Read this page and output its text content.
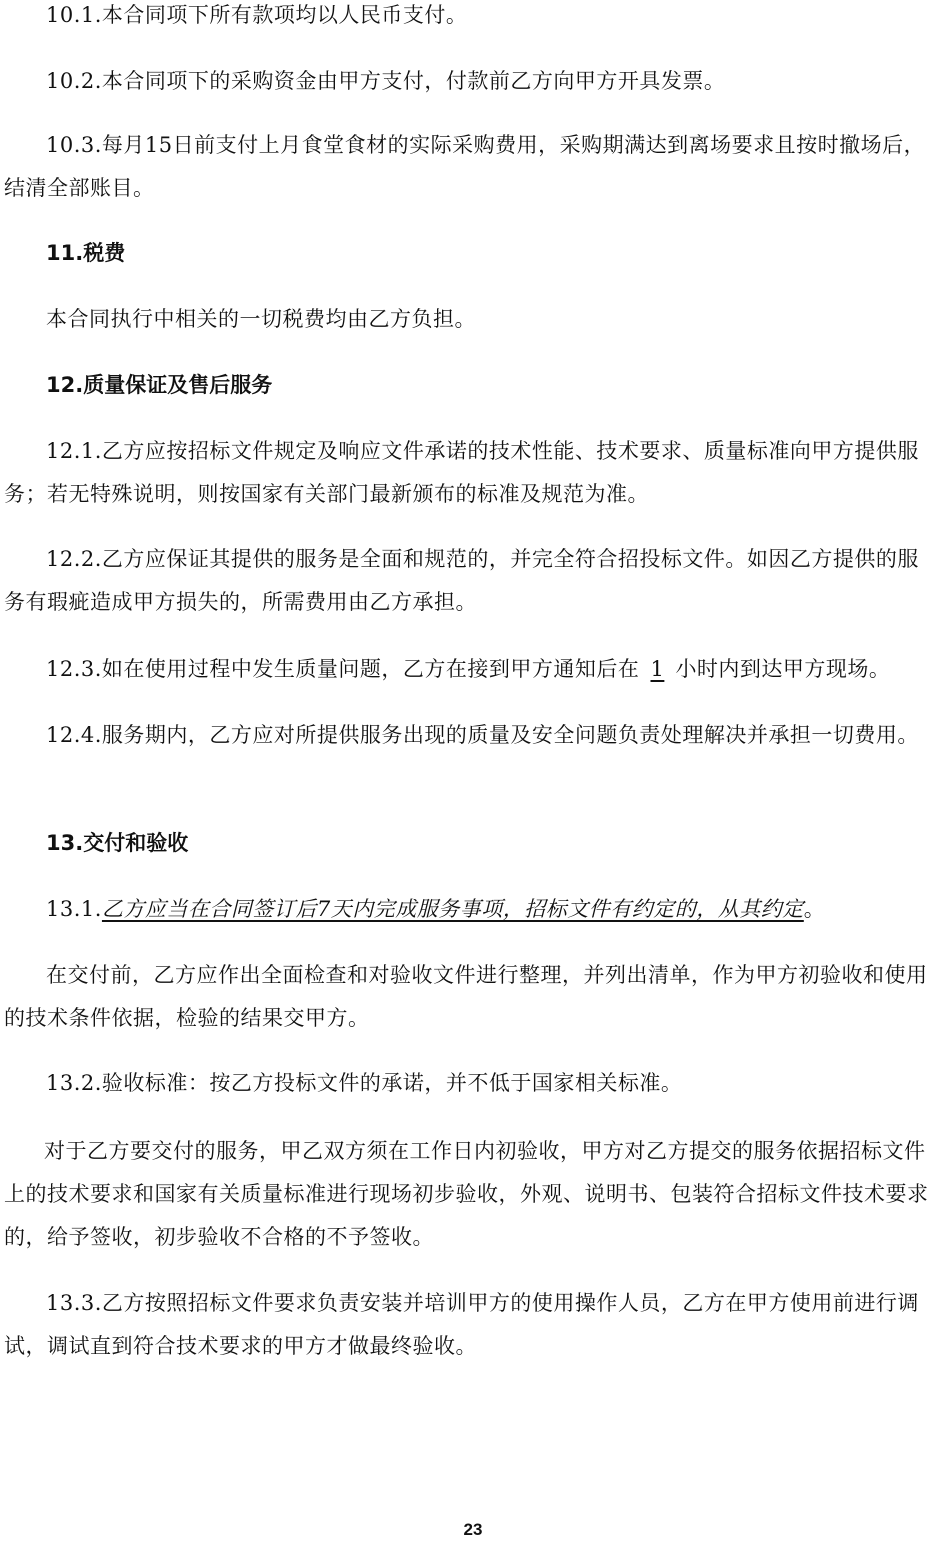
10.1.本合同项下所有款项均以人民币支付。

10.2.本合同项下的采购资金由甲方支付，付款前乙方向甲方开具发票。

10.3.每月15日前支付上月食堂食材的实际采购费用，采购期满达到离场要求且按时撤场后，结清全部账目。

11.税费

本合同执行中相关的一切税费均由乙方负担。

12.质量保证及售后服务

12.1.乙方应按招标文件规定及响应文件承诺的技术性能、技术要求、质量标准向甲方提供服务；若无特殊说明，则按国家有关部门最新颁布的标准及规范为准。

12.2.乙方应保证其提供的服务是全面和规范的，并完全符合招投标文件。如因乙方提供的服务有瑕疵造成甲方损失的，所需费用由乙方承担。

12.3.如在使用过程中发生质量问题，乙方在接到甲方通知后在 1 小时内到达甲方现场。

12.4.服务期内，乙方应对所提供服务出现的质量及安全问题负责处理解决并承担一切费用。

13.交付和验收

13.1.乙方应当在合同签订后7天内完成服务事项，招标文件有约定的，从其约定。

在交付前，乙方应作出全面检查和对验收文件进行整理，并列出清单，作为甲方初验收和使用的技术条件依据，检验的结果交甲方。

13.2.验收标准：按乙方投标文件的承诺，并不低于国家相关标准。

对于乙方要交付的服务，甲乙双方须在工作日内初验收，甲方对乙方提交的服务依据招标文件上的技术要求和国家有关质量标准进行现场初步验收，外观、说明书、包装符合招标文件技术要求的，给予签收，初步验收不合格的不予签收。

13.3.乙方按照招标文件要求负责安装并培训甲方的使用操作人员，乙方在甲方使用前进行调试，调试直到符合技术要求的甲方才做最终验收。

23
